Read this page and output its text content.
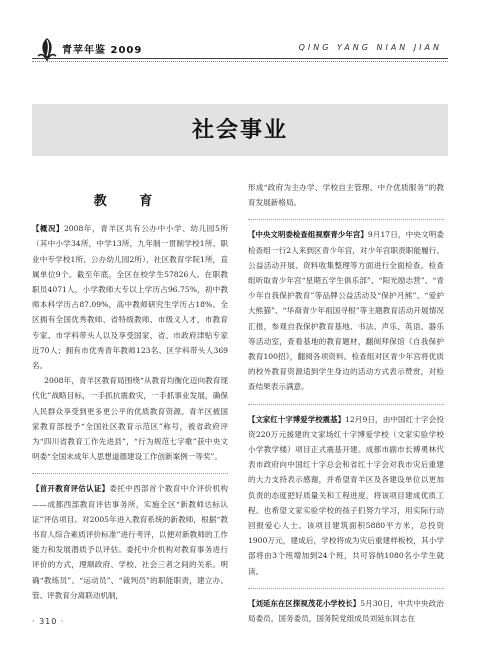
青苹年鉴 2009	QING YANG NIAN JIAN
社会事业
教 育

【概况】2008年，青羊区共有公办中小学、幼儿园5所（其中小学34所，中学13所，九年制一贯制学校1所、职业中专学校1所、公办幼儿园2所），社区教育学院1所，直属单位9个。截至年底，全区在校学生57826人。在职教职员4071人，小学教师大专以上学历占96.75%，初中教师本科学历占87.09%，高中教师研究生学历占18%。全区拥有全国优秀教师、省特级教师、市级义人才，市教育专家、市学科带头人以及享受国家、省、市政府津贴专家近70人；拥有市优秀青年教师123名、区学科带头人369名。

2008年，青羊区教育局围绕“从教育均衡化迈向教育现代化”战略目标，一手抓抗震救灾，一手抓事业发展，确保人民群众享受到更多更公平的优质教育资源。青羊区被国家教育部授予“全国社区教育示范区”称号，被省政府评为“四川省教育工作先进县”，“行为规范七字歌”获中央文明委“全国未成年人思想道德建设工作创新案例一等奖”。

【首开教育评估认证】委托中西部首个教育中介评价机构——成都西部教育评估事务所，实施全区“新教师达标认证”评估项目。对2005年进入教育系统的新教师，根据“教书育人综合素质评价标准”进行考评，以便对新教师的工作能力和发展潜质予以评估。委托中介机构对教育事务进行评价的方式，理顺政府、学校、社会三者之间的关系。明确“教练员”、“运动员”、“裁判员”的职能职责，建立办、管、评教育分离联动机制，

形成“政府为主办学、学校自主管理、中介优质服务”的教育发展新格局。

【中央文明委检查组视察青少年宫】9月17日，中央文明委检查组一行2人来到区青少年宫，对少年宫职责职能履行、公益活动开展、资料收集整理等方面进行全面检查。检查组听取青少年宫“星期五学生俱乐部”、“阳光励志营”、“青少年自我保护教育”等品牌公益活动及“保护月熊”、“爱护大熊猫”、“华裔青少年祖国寻根”等主题教育活动开展情况汇报，参观自我保护教育基地、书法、声乐、英语、器乐等活动室，查看基地的教育题材，翻阅拜保馆《自我保护教育100招》，翻阅各项资料。检查组对区青少年宫将优质的校外教育资源适到学生身边的活动方式表示赞赏，对检查结果表示满意。

【文家红十字博爱学校震基】12月9日，由中国红十字会投资220万元援建的文家场红十字博爱学校（文家实验学校小学教学楼）项目正式震基开建。成都市副市长傅勇林代表市政府向中国红十字总会和省红十字会对我市灾后重建的大力支持表示感谢，并希望青羊区及各建设单位以更加负责的态度把好质量关和工程进度，将该项目建成优质工程。也希望文家实验学校的孩子们努力学习，用实际行动回报爱心人士。该项目建筑面积5880平方米，总投资1900万元，建成后，学校将成为灾后重建样板校，其小学部将由3个班增加到24个班，共可容纳1080名小学生就读。

【刘延东在区探视茂花小学校长】5月30日，中共中央政治局委员，国务委员，国务院党组成员刘延东同志在

· 310 ·
